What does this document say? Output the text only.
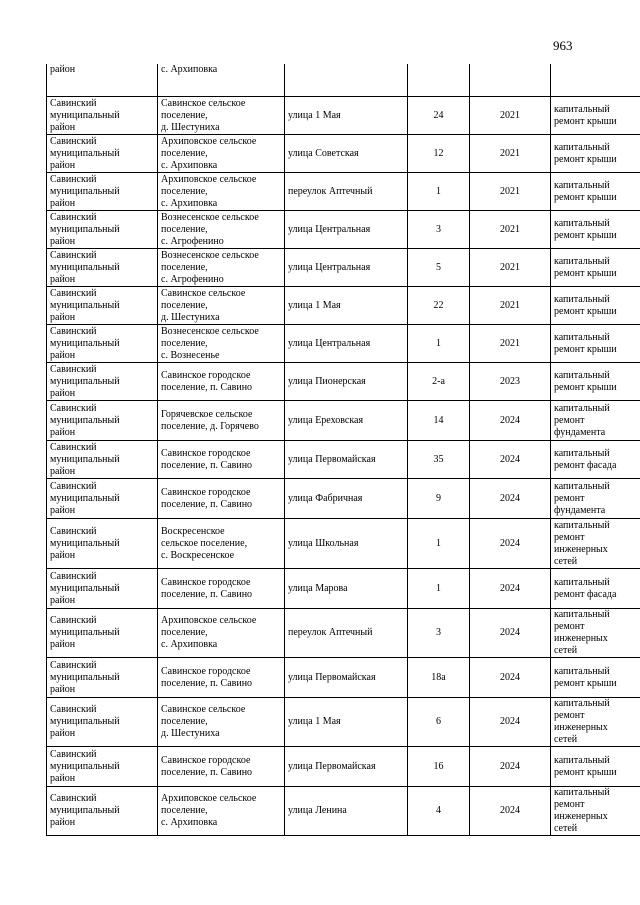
963
район	с. Архиповка				

Савинский
муниципальный
район	Савинское сельское
поселение,
д. Шестуниха	улица 1 Мая	24	2021	капитальный
ремонт крыши

Савинский
муниципальный
район	Архиповское сельское
поселение,
с. Архиповка	улица Советская	12	2021	капитальный
ремонт крыши

Савинский
муниципальный
район	Архиповское сельское
поселение,
с. Архиповка	переулок Аптечный	1	2021	капитальный
ремонт крыши

Савинский
муниципальный
район	Вознесенское сельское
поселение,
с. Агрофенино	улица Центральная	3	2021	капитальный
ремонт крыши

Савинский
муниципальный
район	Вознесенское сельское
поселение,
с. Агрофенино	улица Центральная	5	2021	капитальный
ремонт крыши

Савинский
муниципальный
район	Савинское сельское
поселение,
д. Шестуниха	улица 1 Мая	22	2021	капитальный
ремонт крыши

Савинский
муниципальный
район	Вознесенское сельское
поселение,
с. Вознесенье	улица Центральная	1	2021	капитальный
ремонт крыши

Савинский
муниципальный
район	Савинское городское
поселение, п. Савино	улица Пионерская	2-а	2023	капитальный
ремонт крыши

Савинский
муниципальный
район	Горячевское сельское
поселение, д. Горячево	улица Ереховская	14	2024	капитальный
ремонт
фундамента

Савинский
муниципальный
район	Савинское городское
поселение, п. Савино	улица Первомайская	35	2024	капитальный
ремонт фасада

Савинский
муниципальный
район	Савинское городское
поселение, п. Савино	улица Фабричная	9	2024	капитальный
ремонт
фундамента

Савинский
муниципальный
район	Воскресенское
сельское поселение,
с. Воскресенское	улица Школьная	1	2024	капитальный
ремонт
инженерных
сетей

Савинский
муниципальный
район	Савинское городское
поселение, п. Савино	улица Марова	1	2024	капитальный
ремонт фасада

Савинский
муниципальный
район	Архиповское сельское
поселение,
с. Архиповка	переулок Аптечный	3	2024	капитальный
ремонт
инженерных
сетей

Савинский
муниципальный
район	Савинское городское
поселение, п. Савино	улица Первомайская	18а	2024	капитальный
ремонт крыши

Савинский
муниципальный
район	Савинское сельское
поселение,
д. Шестуниха	улица 1 Мая	6	2024	капитальный
ремонт
инженерных
сетей

Савинский
муниципальный
район	Савинское городское
поселение, п. Савино	улица Первомайская	16	2024	капитальный
ремонт крыши

Савинский
муниципальный
район	Архиповское сельское
поселение,
с. Архиповка	улица Ленина	4	2024	капитальный
ремонт
инженерных
сетей
